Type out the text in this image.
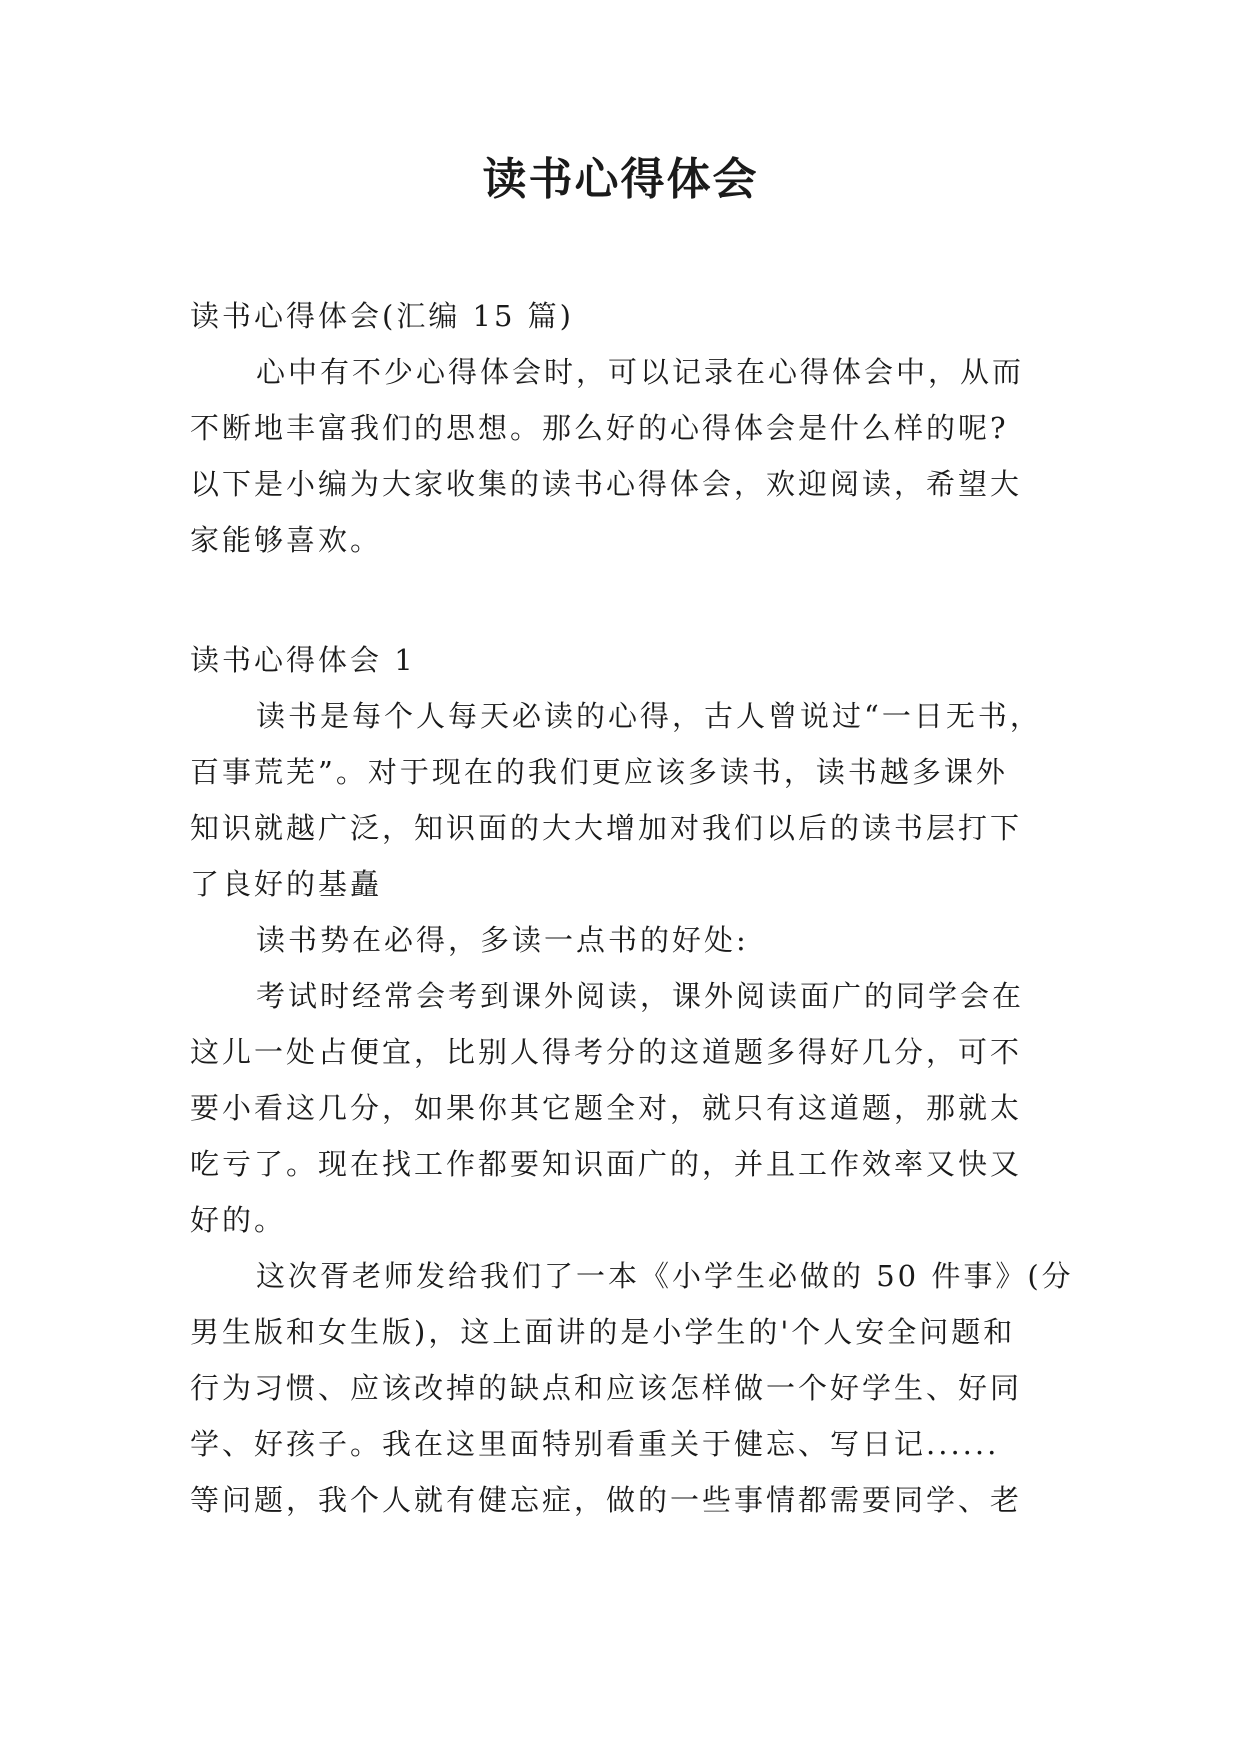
读书心得体会
读书心得体会(汇编 15 篇)
心中有不少心得体会时，可以记录在心得体会中，从而
不断地丰富我们的思想。那么好的心得体会是什么样的呢?
以下是小编为大家收集的读书心得体会，欢迎阅读，希望大
家能够喜欢。
读书心得体会 1
读书是每个人每天必读的心得，古人曾说过“一日无书，
百事荒芜”。对于现在的我们更应该多读书，读书越多课外
知识就越广泛，知识面的大大增加对我们以后的读书层打下
了良好的基矗
读书势在必得，多读一点书的好处:
考试时经常会考到课外阅读，课外阅读面广的同学会在
这儿一处占便宜，比别人得考分的这道题多得好几分，可不
要小看这几分，如果你其它题全对，就只有这道题，那就太
吃亏了。现在找工作都要知识面广的，并且工作效率又快又
好的。
这次胥老师发给我们了一本《小学生必做的 50 件事》(分
男生版和女生版)，这上面讲的是小学生的'个人安全问题和
行为习惯、应该改掉的缺点和应该怎样做一个好学生、好同
学、好孩子。我在这里面特别看重关于健忘、写日记......
等问题，我个人就有健忘症，做的一些事情都需要同学、老
